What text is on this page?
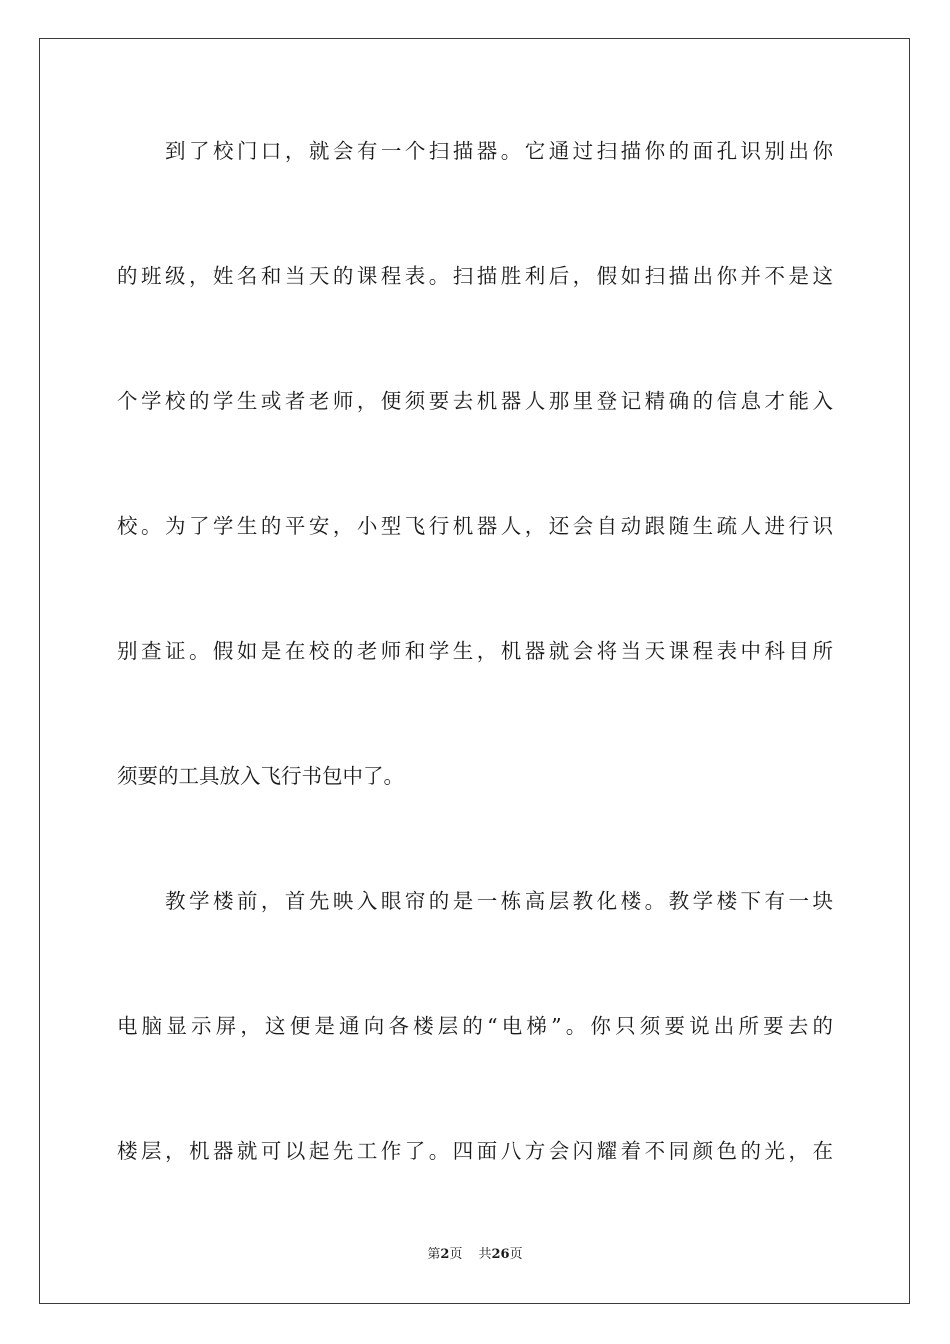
到了校门口，就会有一个扫描器。它通过扫描你的面孔识别出你
的班级，姓名和当天的课程表。扫描胜利后，假如扫描出你并不是这
个学校的学生或者老师，便须要去机器人那里登记精确的信息才能入
校。为了学生的平安，小型飞行机器人，还会自动跟随生疏人进行识
别查证。假如是在校的老师和学生，机器就会将当天课程表中科目所
须要的工具放入飞行书包中了。
教学楼前，首先映入眼帘的是一栋高层教化楼。教学楼下有一块
电脑显示屏，这便是通向各楼层的“电梯”。你只须要说出所要去的
楼层，机器就可以起先工作了。四面八方会闪耀着不同颜色的光，在
第2页 共26页
